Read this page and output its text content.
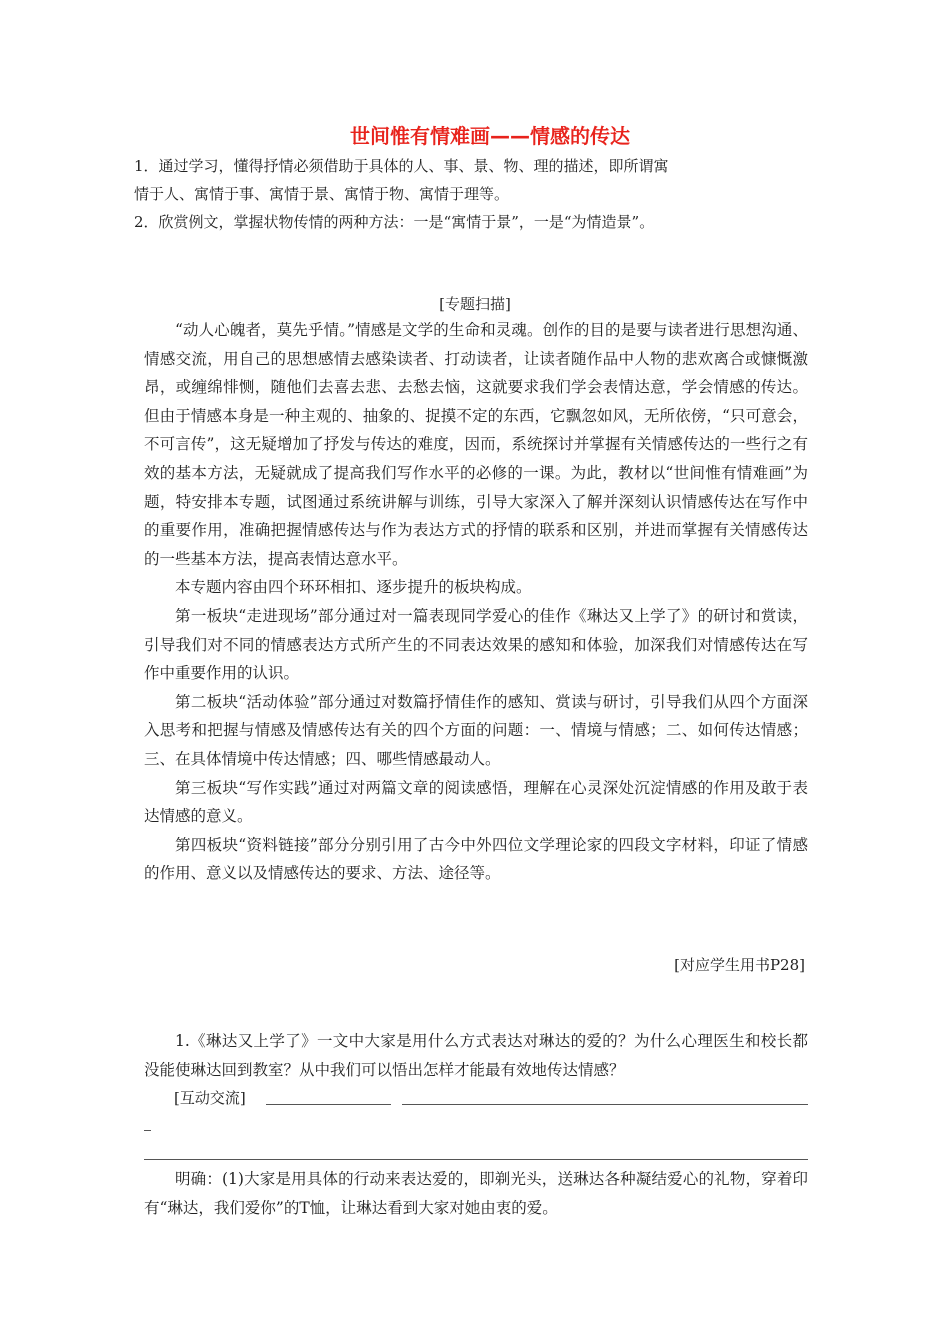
世间惟有情难画——情感的传达

1．通过学习，懂得抒情必须借助于具体的人、事、景、物、理的描述，即所谓寓情于人、寓情于事、寓情于景、寓情于物、寓情于理等。

2．欣赏例文，掌握状物传情的两种方法：一是“寓情于景”，一是“为情造景”。

[专题扫描]

“动人心魄者，莫先乎情。”情感是文学的生命和灵魂。创作的目的是要与读者进行思想沟通、情感交流，用自己的思想感情去感染读者、打动读者，让读者随作品中人物的悲欢离合或慷慨激昂，或缠绵悱恻，随他们去喜去悲、去愁去恼，这就要求我们学会表情达意，学会情感的传达。但由于情感本身是一种主观的、抽象的、捉摸不定的东西，它飘忽如风，无所依傍，“只可意会，不可言传”，这无疑增加了抒发与传达的难度，因而，系统探讨并掌握有关情感传达的一些行之有效的基本方法，无疑就成了提高我们写作水平的必修的一课。为此，教材以“世间惟有情难画”为题，特安排本专题，试图通过系统讲解与训练，引导大家深入了解并深刻认识情感传达在写作中的重要作用，准确把握情感传达与作为表达方式的抒情的联系和区别，并进而掌握有关情感传达的一些基本方法，提高表情达意水平。

本专题内容由四个环环相扣、逐步提升的板块构成。

第一板块“走进现场”部分通过对一篇表现同学爱心的佳作《琳达又上学了》的研讨和赏读，引导我们对不同的情感表达方式所产生的不同表达效果的感知和体验，加深我们对情感传达在写作中重要作用的认识。

第二板块“活动体验”部分通过对数篇抒情佳作的感知、赏读与研讨，引导我们从四个方面深入思考和把握与情感及情感传达有关的四个方面的问题：一、情境与情感；二、如何传达情感；三、在具体情境中传达情感；四、哪些情感最动人。

第三板块“写作实践”通过对两篇文章的阅读感悟，理解在心灵深处沉淀情感的作用及敢于表达情感的意义。

第四板块“资料链接”部分分别引用了古今中外四位文学理论家的四段文字材料，印证了情感的作用、意义以及情感传达的要求、方法、途径等。

[对应学生用书P28]

1.《琳达又上学了》一文中大家是用什么方式表达对琳达的爱的？为什么心理医生和校长都没能使琳达回到教室？从中我们可以悟出怎样才能最有效地传达情感？

[互动交流]

明确：(1)大家是用具体的行动来表达爱的，即剃光头，送琳达各种凝结爱心的礼物，穿着印有“琳达，我们爱你”的T恤，让琳达看到大家对她由衷的爱。
